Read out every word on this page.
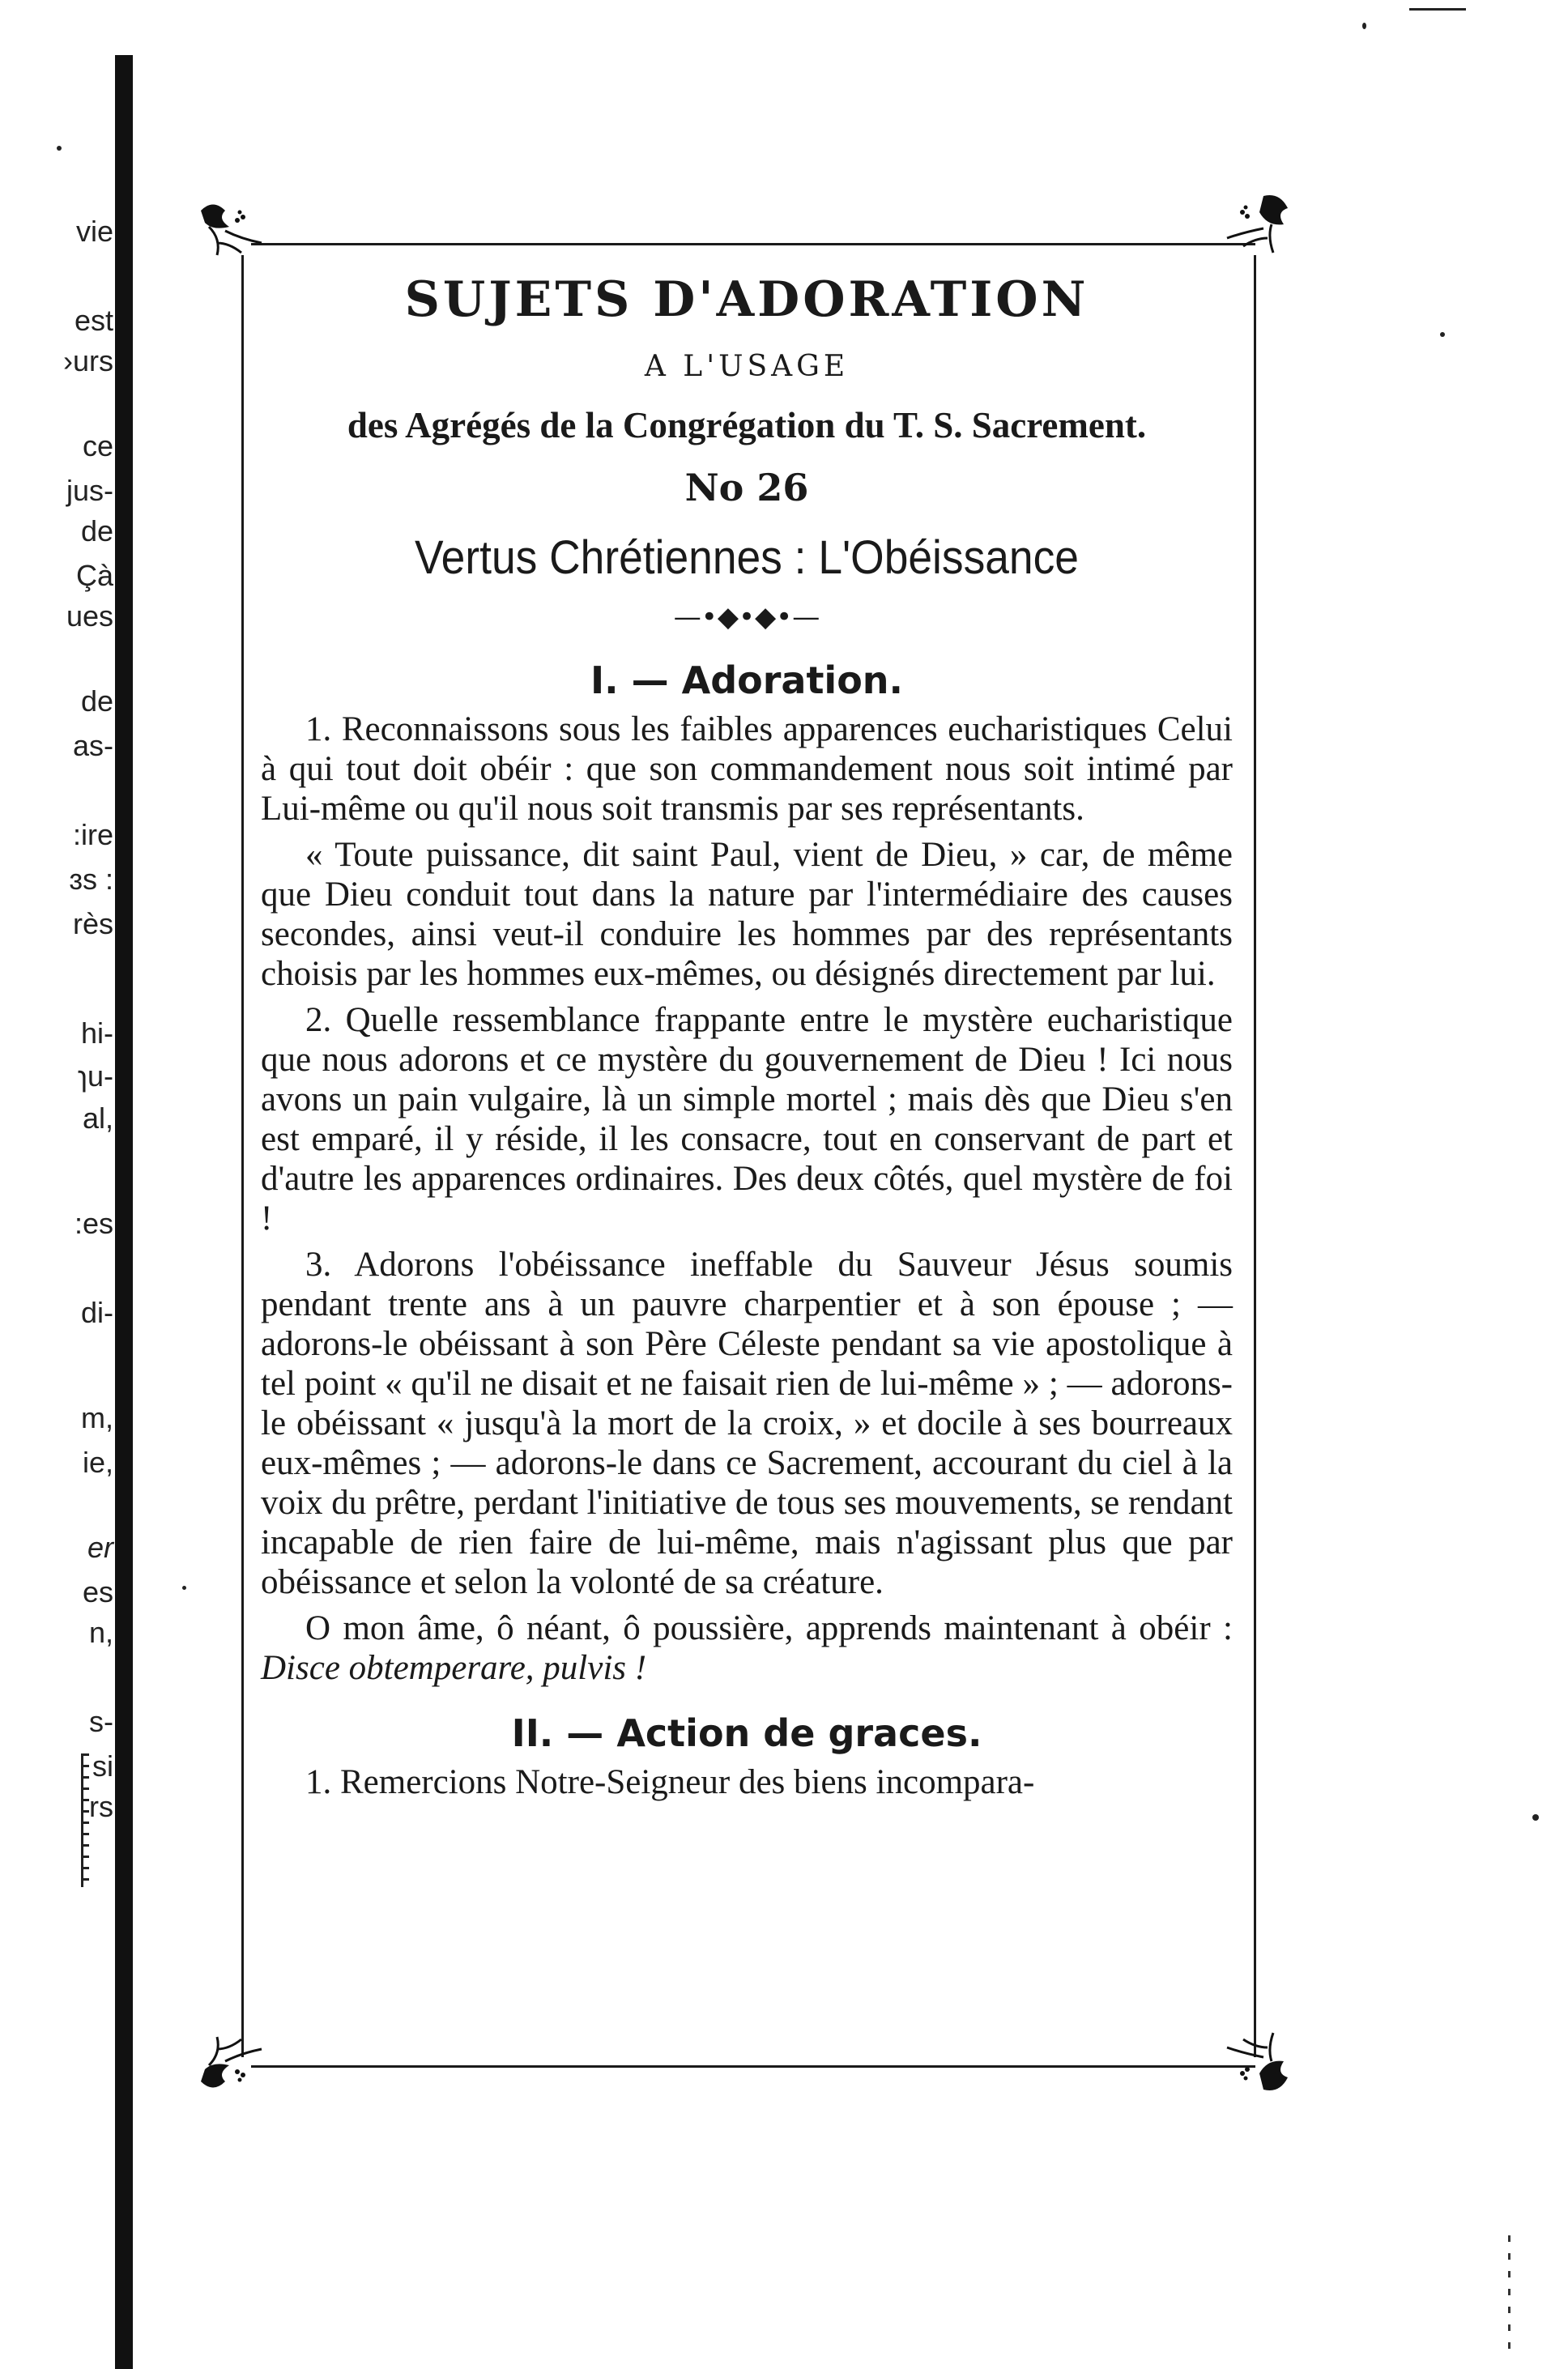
vie
est
›urs
ce
jus-
de
Çà
ues
de
as-
:ire
ɜs :
rès
hi-
ɿu-
al,
:es
di-
m,
ie,
er
es
n,
s-
si
rs
SUJETS D'ADORATION
A L'USAGE
des Agrégés de la Congrégation du T. S. Sacrement.
No 26
Vertus Chrétiennes : L'Obéissance
—•◆•◆•—
I. — Adoration.

1. Reconnaissons sous les faibles apparences eucharistiques Celui à qui tout doit obéir : que son commandement nous soit intimé par Lui-même ou qu'il nous soit transmis par ses représentants.

« Toute puissance, dit saint Paul, vient de Dieu, » car, de même que Dieu conduit tout dans la nature par l'intermédiaire des causes secondes, ainsi veut-il conduire les hommes par des représentants choisis par les hommes eux-mêmes, ou désignés directement par lui.

2. Quelle ressemblance frappante entre le mystère eucharistique que nous adorons et ce mystère du gouvernement de Dieu ! Ici nous avons un pain vulgaire, là un simple mortel ; mais dès que Dieu s'en est emparé, il y réside, il les consacre, tout en conservant de part et d'autre les apparences ordinaires. Des deux côtés, quel mystère de foi !

3. Adorons l'obéissance ineffable du Sauveur Jésus soumis pendant trente ans à un pauvre charpentier et à son épouse ; — adorons-le obéissant à son Père Céleste pendant sa vie apostolique à tel point « qu'il ne disait et ne faisait rien de lui-même » ; — adorons-le obéissant « jusqu'à la mort de la croix, » et docile à ses bourreaux eux-mêmes ; — adorons-le dans ce Sacrement, accourant du ciel à la voix du prêtre, perdant l'initiative de tous ses mouvements, se rendant incapable de rien faire de lui-même, mais n'agissant plus que par obéissance et selon la volonté de sa créature.

O mon âme, ô néant, ô poussière, apprends maintenant à obéir : Disce obtemperare, pulvis !

II. — Action de graces.

1. Remercions Notre-Seigneur des biens incompara-
